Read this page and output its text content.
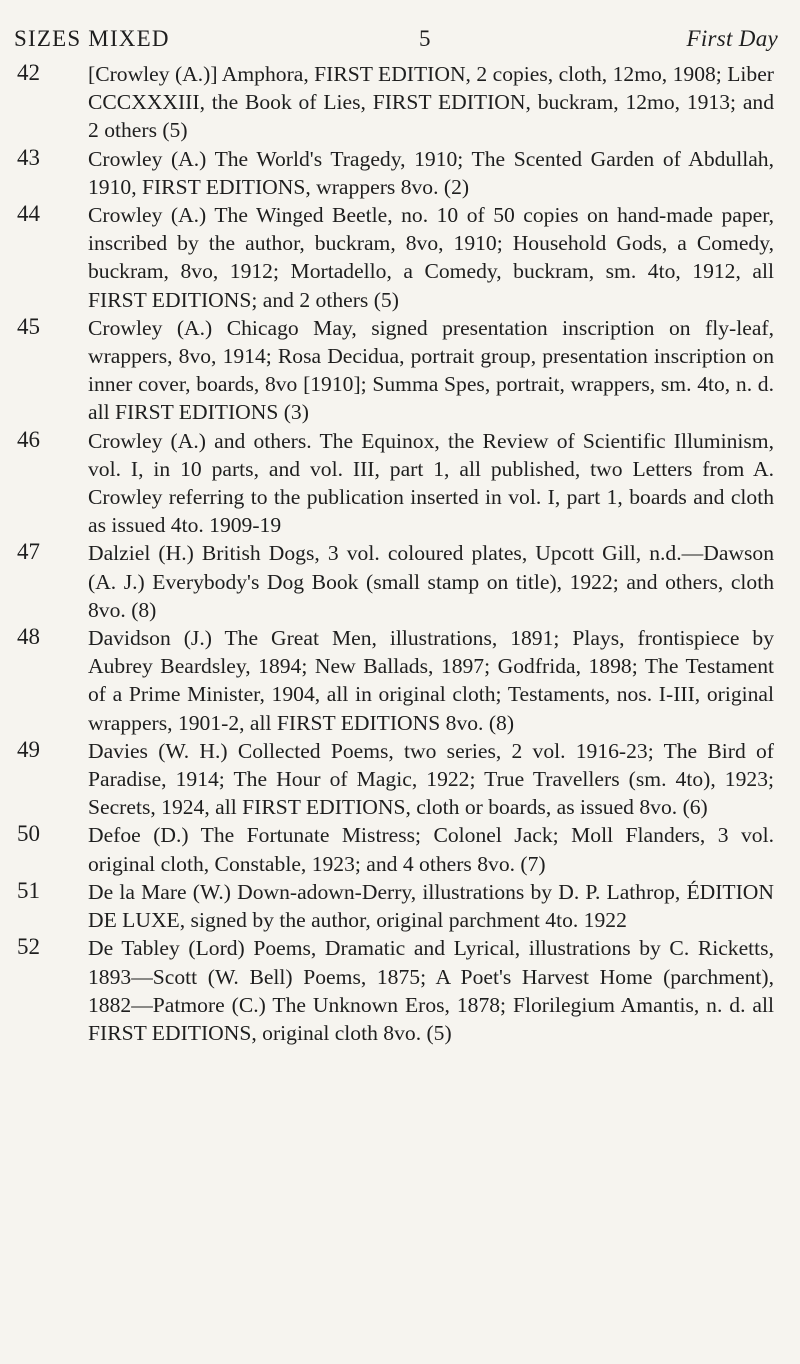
SIZES MIXED	5	First Day
42	[Crowley (A.)] Amphora, FIRST EDITION, 2 copies, cloth, 12mo, 1908; Liber CCCXXXIII, the Book of Lies, FIRST EDITION, buckram, 12mo, 1913; and 2 others (5)
43	Crowley (A.) The World's Tragedy, 1910; The Scented Garden of Abdullah, 1910, FIRST EDITIONS, wrappers 8vo. (2)
44	Crowley (A.) The Winged Beetle, no. 10 of 50 copies on hand-made paper, inscribed by the author, buckram, 8vo, 1910; Household Gods, a Comedy, buckram, 8vo, 1912; Mortadello, a Comedy, buckram, sm. 4to, 1912, all FIRST EDITIONS; and 2 others (5)
45	Crowley (A.) Chicago May, signed presentation inscription on fly-leaf, wrappers, 8vo, 1914; Rosa Decidua, portrait group, presentation inscription on inner cover, boards, 8vo [1910]; Summa Spes, portrait, wrappers, sm. 4to, n. d. all FIRST EDITIONS (3)
46	Crowley (A.) and others. The Equinox, the Review of Scientific Illuminism, vol. I, in 10 parts, and vol. III, part 1, all published, two Letters from A. Crowley referring to the publication inserted in vol. I, part 1, boards and cloth as issued 4to. 1909-19
47	Dalziel (H.) British Dogs, 3 vol. coloured plates, Upcott Gill, n.d.—Dawson (A. J.) Everybody's Dog Book (small stamp on title), 1922; and others, cloth 8vo. (8)
48	Davidson (J.) The Great Men, illustrations, 1891; Plays, frontispiece by Aubrey Beardsley, 1894; New Ballads, 1897; Godfrida, 1898; The Testament of a Prime Minister, 1904, all in original cloth; Testaments, nos. I-III, original wrappers, 1901-2, all FIRST EDITIONS 8vo. (8)
49	Davies (W. H.) Collected Poems, two series, 2 vol. 1916-23; The Bird of Paradise, 1914; The Hour of Magic, 1922; True Travellers (sm. 4to), 1923; Secrets, 1924, all FIRST EDITIONS, cloth or boards, as issued 8vo. (6)
50	Defoe (D.) The Fortunate Mistress; Colonel Jack; Moll Flanders, 3 vol. original cloth, Constable, 1923; and 4 others 8vo. (7)
51	De la Mare (W.) Down-adown-Derry, illustrations by D. P. Lathrop, ÉDITION DE LUXE, signed by the author, original parchment 4to. 1922
52	De Tabley (Lord) Poems, Dramatic and Lyrical, illustrations by C. Ricketts, 1893—Scott (W. Bell) Poems, 1875; A Poet's Harvest Home (parchment), 1882—Patmore (C.) The Unknown Eros, 1878; Florilegium Amantis, n. d. all FIRST EDITIONS, original cloth 8vo. (5)
